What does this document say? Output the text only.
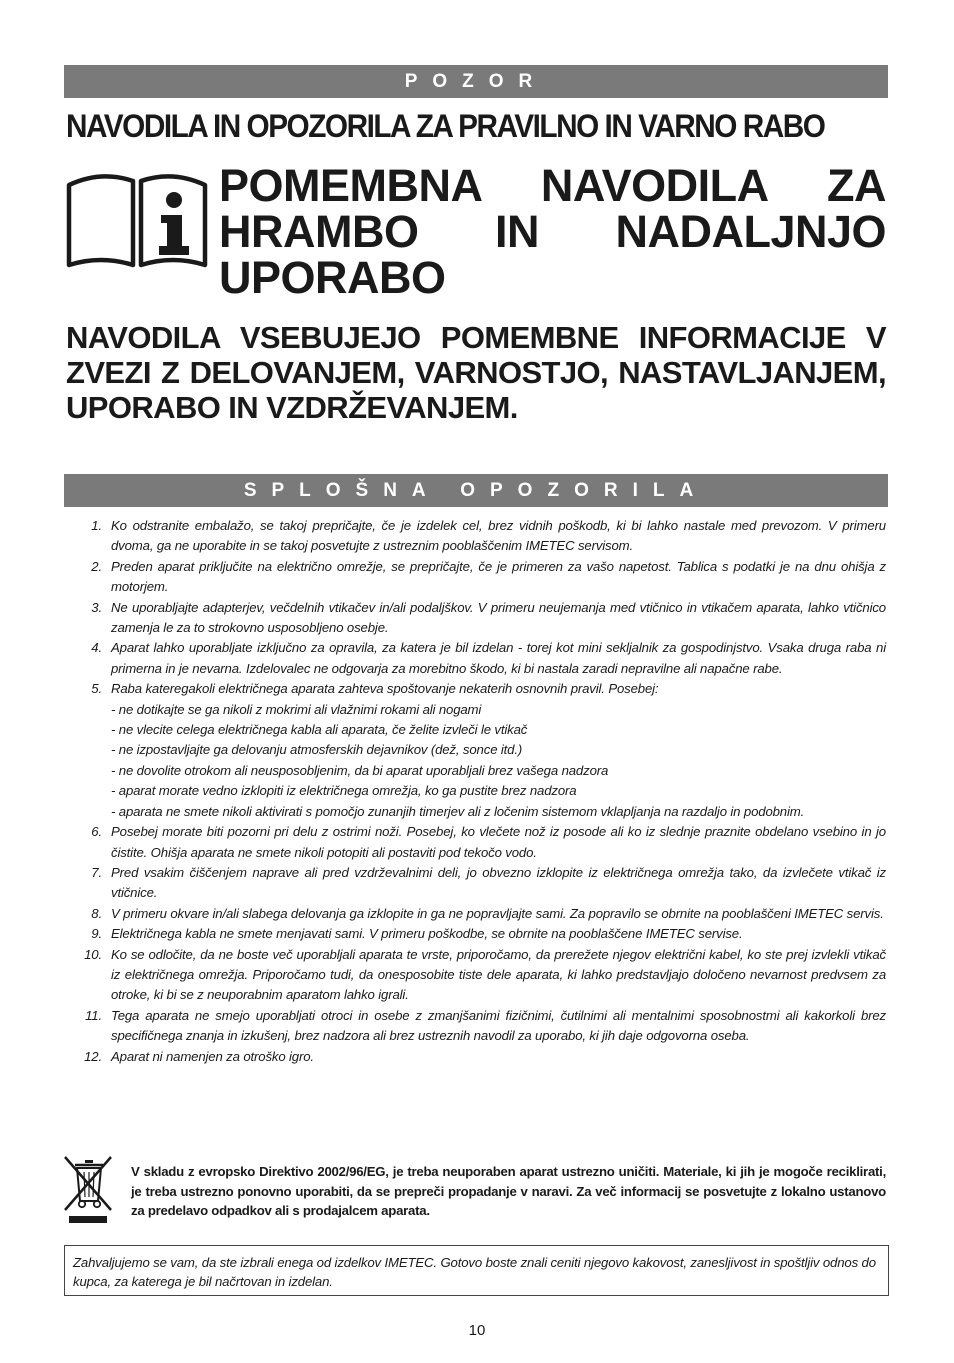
POZOR
NAVODILA IN OPOZORILA ZA PRAVILNO IN VARNO RABO
POMEMBNA NAVODILA ZA HRAMBO IN NADALJNJO UPORABO
NAVODILA VSEBUJEJO POMEMBNE INFORMACIJE V ZVEZI Z DELOVANJEM, VARNOSTJO, NASTAVLJANJEM, UPORABO IN VZDRŽEVANJEM.
SPLOŠNA OPOZORILA
1. Ko odstranite embalažo, se takoj prepričajte, če je izdelek cel, brez vidnih poškodb, ki bi lahko nastale med prevozom. V primeru dvoma, ga ne uporabite in se takoj posvetujte z ustreznim pooblaščenim IMETEC servisom.
2. Preden aparat priključite na električno omrežje, se prepričajte, če je primeren za vašo napetost. Tablica s podatki je na dnu ohišja z motorjem.
3. Ne uporabljajte adapterjev, večdelnih vtikačev in/ali podaljškov. V primeru neujemanja med vtičnico in vtikačem aparata, lahko vtičnico zamenja le za to strokovno usposobljeno osebje.
4. Aparat lahko uporabljate izključno za opravila, za katera je bil izdelan - torej kot mini sekljalnik za gospodinjstvo. Vsaka druga raba ni primerna in je nevarna. Izdelovalec ne odgovarja za morebitno škodo, ki bi nastala zaradi nepravilne ali napačne rabe.
5. Raba kateregakoli električnega aparata zahteva spoštovanje nekaterih osnovnih pravil. Posebej:
- ne dotikajte se ga nikoli z mokrimi ali vlažnimi rokami ali nogami
- ne vlecite celega električnega kabla ali aparata, če želite izvleči le vtikač
- ne izpostavljajte ga delovanju atmosferskih dejavnikov (dež, sonce itd.)
- ne dovolite otrokom ali neusposobljenim, da bi aparat uporabljali brez vašega nadzora
- aparat morate vedno izklopiti iz električnega omrežja, ko ga pustite brez nadzora
- aparata ne smete nikoli aktivirati s pomočjo zunanjih timerjev ali z ločenim sistemom vklapljanja na razdaljo in podobnim.
6. Posebej morate biti pozorni pri delu z ostrimi noži. Posebej, ko vlečete nož iz posode ali ko iz slednje praznite obdelano vsebino in jo čistite. Ohišja aparata ne smete nikoli potopiti ali postaviti pod tekočo vodo.
7. Pred vsakim čiščenjem naprave ali pred vzdrževalnimi deli, jo obvezno izklopite iz električnega omrežja tako, da izvlečete vtikač iz vtičnice.
8. V primeru okvare in/ali slabega delovanja ga izklopite in ga ne popravljajte sami. Za popravilo se obrnite na pooblaščeni IMETEC servis.
9. Električnega kabla ne smete menjavati sami. V primeru poškodbe, se obrnite na pooblaščene IMETEC servise.
10. Ko se odločite, da ne boste več uporabljali aparata te vrste, priporočamo, da prerežete njegov električni kabel, ko ste prej izvlekli vtikač iz električnega omrežja. Priporočamo tudi, da onesposobite tiste dele aparata, ki lahko predstavljajo določeno nevarnost predvsem za otroke, ki bi se z neuporabnim aparatom lahko igrali.
11. Tega aparata ne smejo uporabljati otroci in osebe z zmanjšanimi fizičnimi, čutilnimi ali mentalnimi sposobnostmi ali kakorkoli brez specifičnega znanja in izkušenj, brez nadzora ali brez ustreznih navodil za uporabo, ki jih daje odgovorna oseba.
12. Aparat ni namenjen za otroško igro.

V skladu z evropsko Direktivo 2002/96/EG, je treba neuporaben aparat ustrezno uničiti. Materiale, ki jih je mogoče reciklirati, je treba ustrezno ponovno uporabiti, da se prepreči propadanje v naravi. Za več informacij se posvetujte z lokalno ustanovo za predelavo odpadkov ali s prodajalcem aparata.

Zahvaljujemo se vam, da ste izbrali enega od izdelkov IMETEC. Gotovo boste znali ceniti njegovo kakovost, zanesljivost in spoštljiv odnos do kupca, za katerega je bil načrtovan in izdelan.

10
